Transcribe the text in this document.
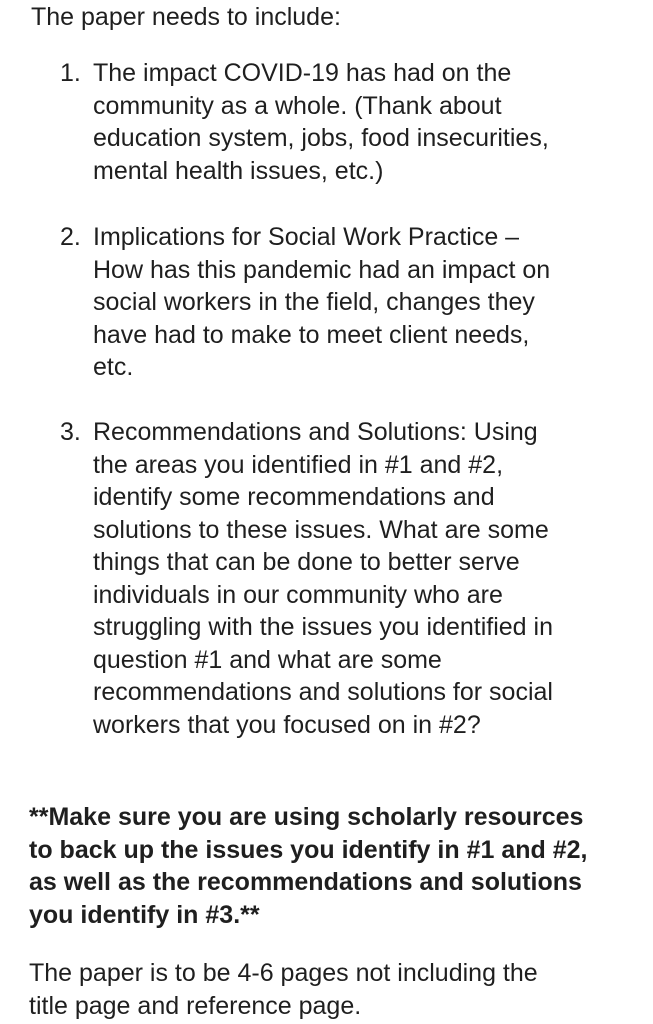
The paper needs to include:
1. The impact COVID-19 has had on the
community as a whole. (Thank about
education system, jobs, food insecurities,
mental health issues, etc.)
2. Implications for Social Work Practice –
How has this pandemic had an impact on
social workers in the field, changes they
have had to make to meet client needs,
etc.
3. Recommendations and Solutions: Using
the areas you identified in #1 and #2,
identify some recommendations and
solutions to these issues. What are some
things that can be done to better serve
individuals in our community who are
struggling with the issues you identified in
question #1 and what are some
recommendations and solutions for social
workers that you focused on in #2?
**Make sure you are using scholarly resources
to back up the issues you identify in #1 and #2,
as well as the recommendations and solutions
you identify in #3.**
The paper is to be 4-6 pages not including the
title page and reference page.
